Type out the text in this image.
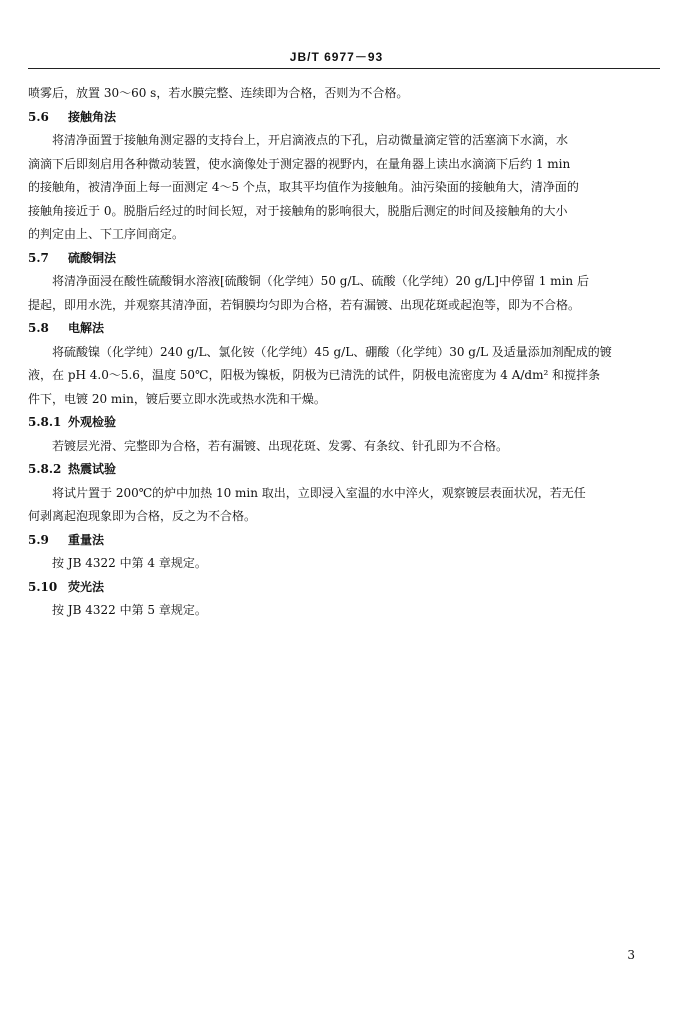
JB/T 6977－93

喷雾后，放置 30～60 s，若水膜完整、连续即为合格，否则为不合格。

5.6 接触角法

将清净面置于接触角测定器的支持台上，开启滴液点的下孔，启动微量滴定管的活塞滴下水滴，水

滴滴下后即刻启用各种微动装置，使水滴像处于测定器的视野内，在量角器上读出水滴滴下后约 1 min

的接触角，被清净面上每一面测定 4～5 个点，取其平均值作为接触角。油污染面的接触角大，清净面的

接触角接近于 0。脱脂后经过的时间长短，对于接触角的影响很大，脱脂后测定的时间及接触角的大小

的判定由上、下工序间商定。

5.7 硫酸铜法

将清净面浸在酸性硫酸铜水溶液[硫酸铜（化学纯）50 g/L、硫酸（化学纯）20 g/L]中停留 1 min 后

提起，即用水洗，并观察其清净面，若铜膜均匀即为合格，若有漏镀、出现花斑或起泡等，即为不合格。

5.8 电解法

将硫酸镍（化学纯）240 g/L、氯化铵（化学纯）45 g/L、硼酸（化学纯）30 g/L 及适量添加剂配成的镀

液，在 pH 4.0～5.6，温度 50℃，阳极为镍板，阴极为已清洗的试件，阴极电流密度为 4 A/dm² 和搅拌条

件下，电镀 20 min，镀后要立即水洗或热水洗和干燥。

5.8.1 外观检验

若镀层光滑、完整即为合格，若有漏镀、出现花斑、发雾、有条纹、针孔即为不合格。

5.8.2 热震试验

将试片置于 200℃的炉中加热 10 min 取出，立即浸入室温的水中淬火，观察镀层表面状况，若无任

何剥离起泡现象即为合格，反之为不合格。

5.9 重量法

按 JB 4322 中第 4 章规定。

5.10 荧光法

按 JB 4322 中第 5 章规定。

3
